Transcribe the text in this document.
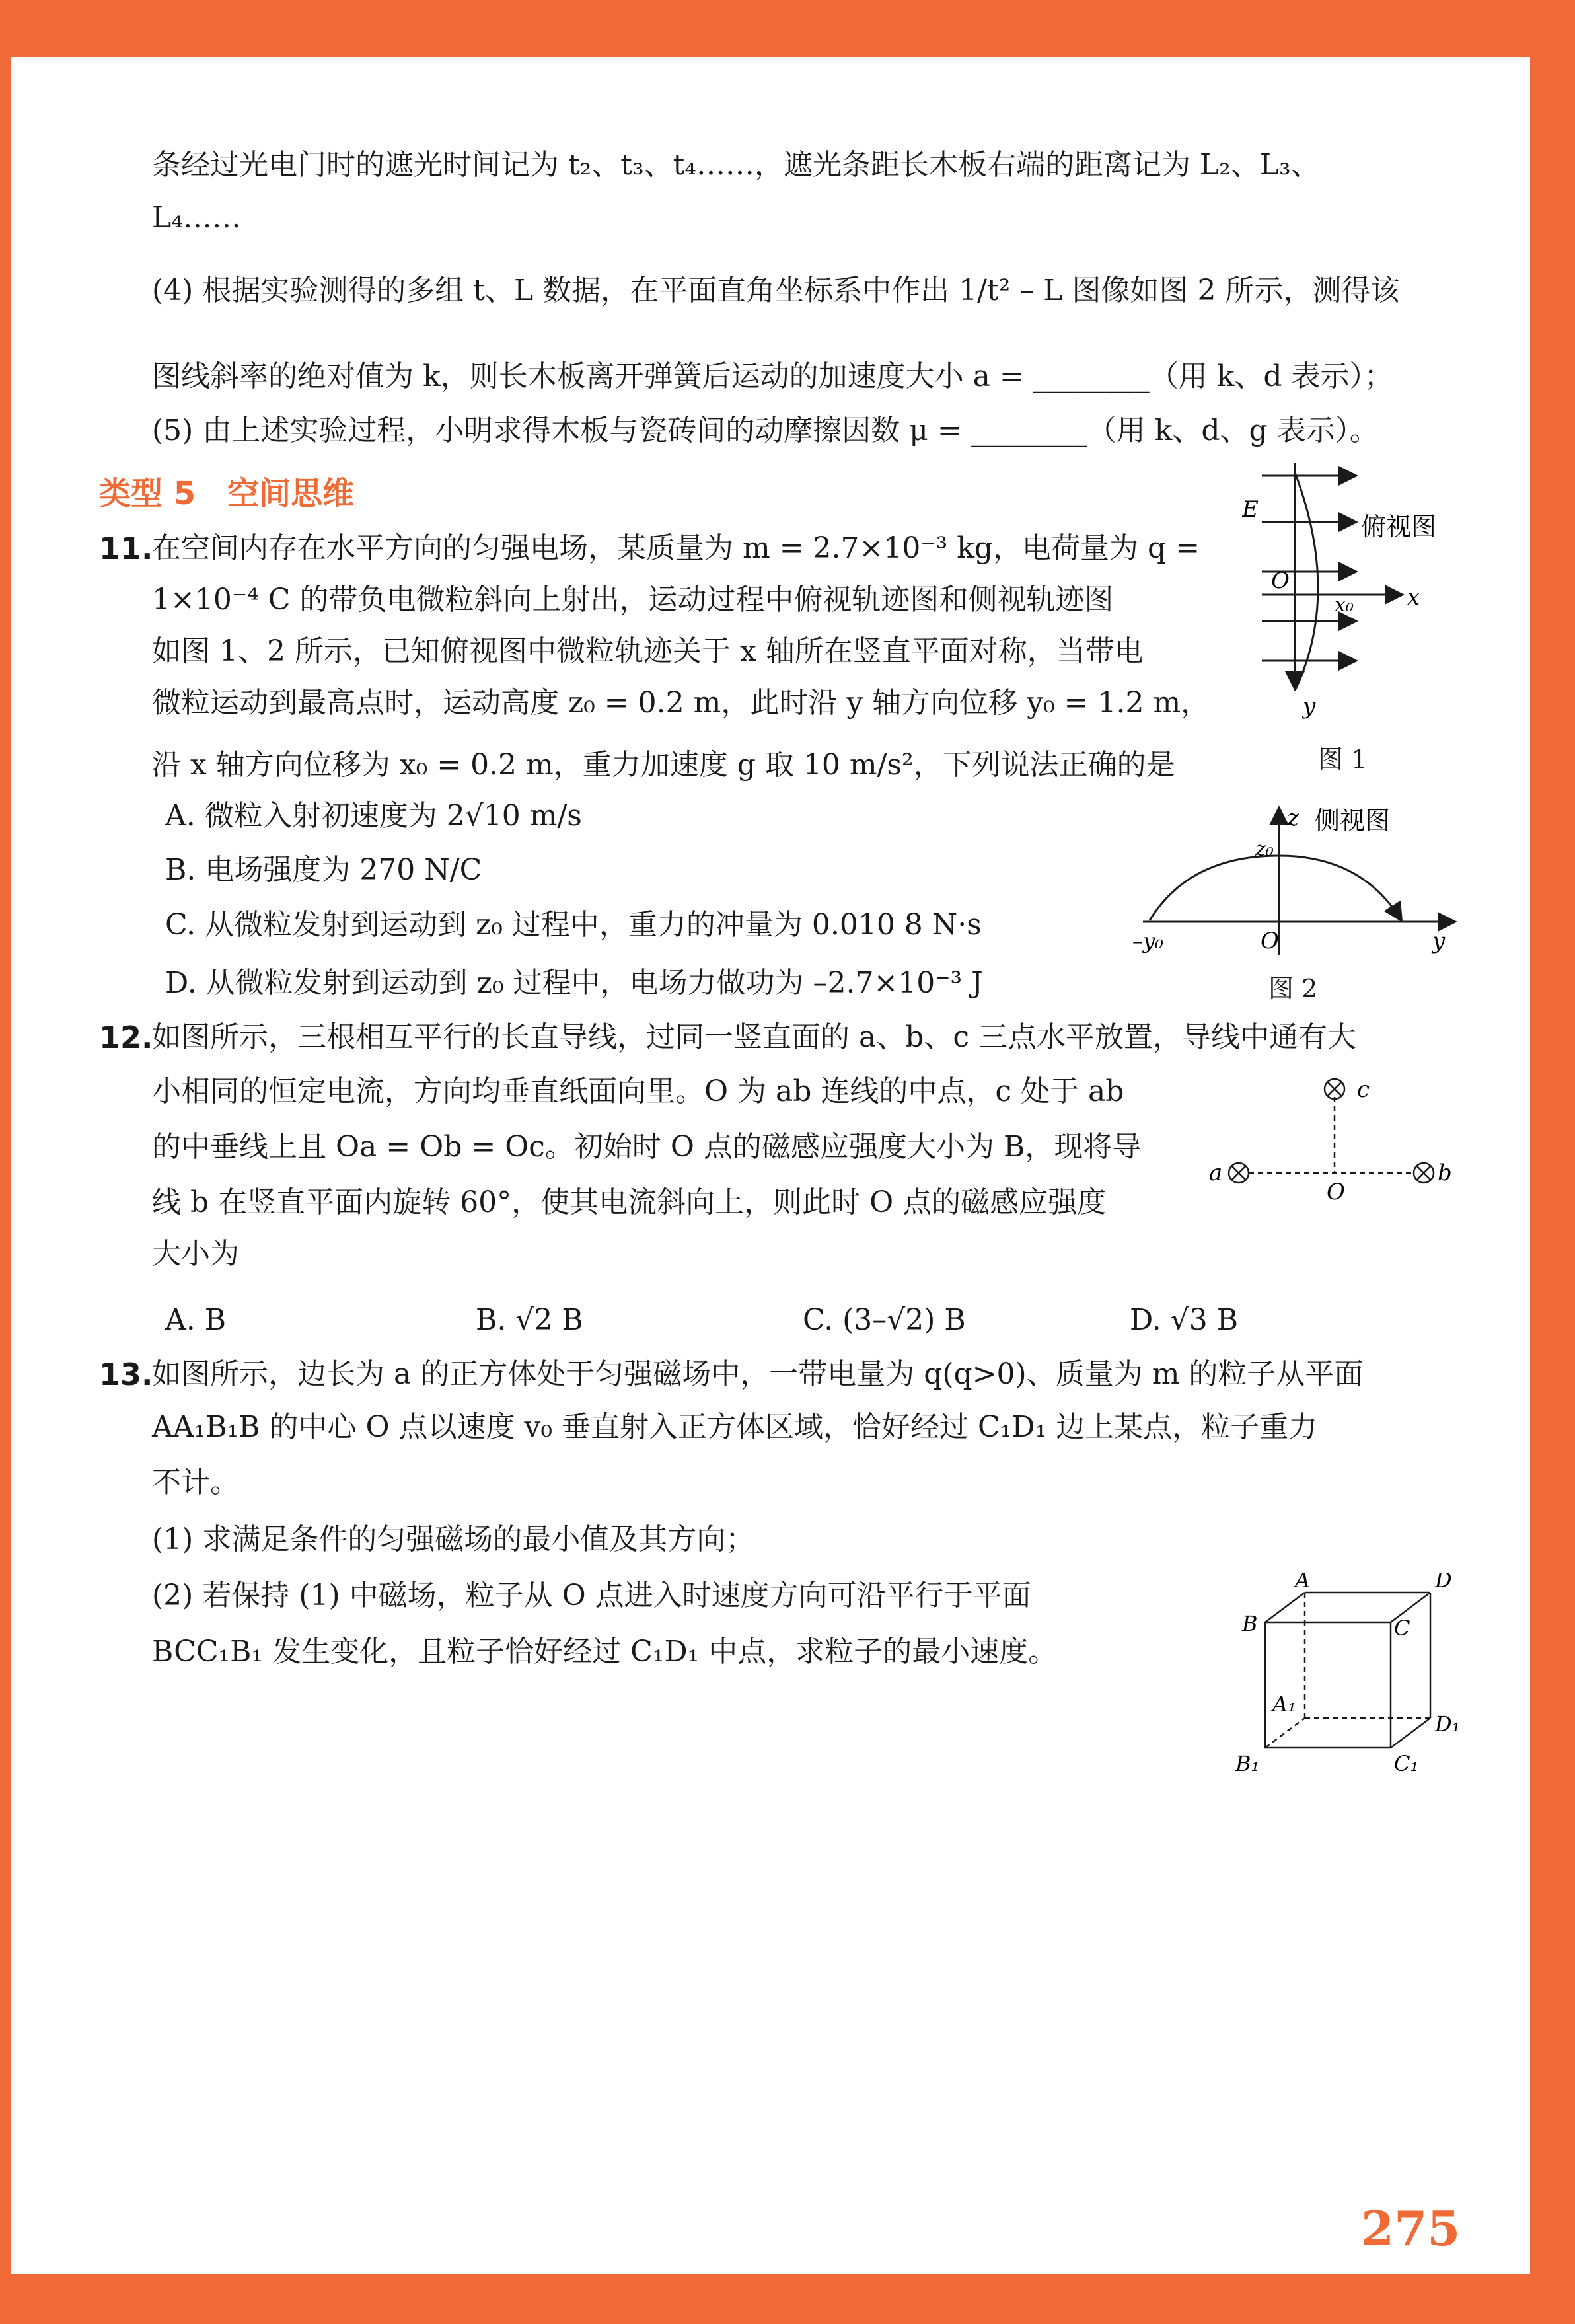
条经过光电门时的遮光时间记为 t₂、t₃、t₄……，遮光条距长木板右端的距离记为 L₂、L₃、
L₄……
(4) 根据实验测得的多组 t、L 数据，在平面直角坐标系中作出 1/t² – L 图像如图 2 所示，测得该
图线斜率的绝对值为 k，则长木板离开弹簧后运动的加速度大小 a = ________（用 k、d 表示）；
(5) 由上述实验过程，小明求得木板与瓷砖间的动摩擦因数 μ = ________（用 k、d、g 表示）。
类型 5　空间思维
11.
在空间内存在水平方向的匀强电场，某质量为 m = 2.7×10⁻³ kg，电荷量为 q =
1×10⁻⁴ C 的带负电微粒斜向上射出，运动过程中俯视轨迹图和侧视轨迹图
如图 1、2 所示，已知俯视图中微粒轨迹关于 x 轴所在竖直平面对称，当带电
微粒运动到最高点时，运动高度 z₀ = 0.2 m，此时沿 y 轴方向位移 y₀ = 1.2 m，
沿 x 轴方向位移为 x₀ = 0.2 m，重力加速度 g 取 10 m/s²，下列说法正确的是
A. 微粒入射初速度为 2√10 m/s
B. 电场强度为 270 N/C
C. 从微粒发射到运动到 z₀ 过程中，重力的冲量为 0.010 8 N·s
D. 从微粒发射到运动到 z₀ 过程中，电场力做功为 –2.7×10⁻³ J
E
O
x₀ x
y
俯视图
图 1
z
z₀
–y₀	O	y
侧视图
图 2
12.
如图所示，三根相互平行的长直导线，过同一竖直面的 a、b、c 三点水平放置，导线中通有大
小相同的恒定电流，方向均垂直纸面向里。O 为 ab 连线的中点，c 处于 ab
的中垂线上且 Oa = Ob = Oc。初始时 O 点的磁感应强度大小为 B，现将导
线 b 在竖直平面内旋转 60°，使其电流斜向上，则此时 O 点的磁感应强度
大小为
A. B	B. √2 B	C. (3–√2) B	D. √3 B
c
a	b
O
13.
如图所示，边长为 a 的正方体处于匀强磁场中，一带电量为 q(q>0)、质量为 m 的粒子从平面
AA₁B₁B 的中心 O 点以速度 v₀ 垂直射入正方体区域，恰好经过 C₁D₁ 边上某点，粒子重力
不计。
(1) 求满足条件的匀强磁场的最小值及其方向；
(2) 若保持 (1) 中磁场，粒子从 O 点进入时速度方向可沿平行于平面
BCC₁B₁ 发生变化，且粒子恰好经过 C₁D₁ 中点，求粒子的最小速度。
A	D
B	C
A₁
D₁
B₁	C₁
275
